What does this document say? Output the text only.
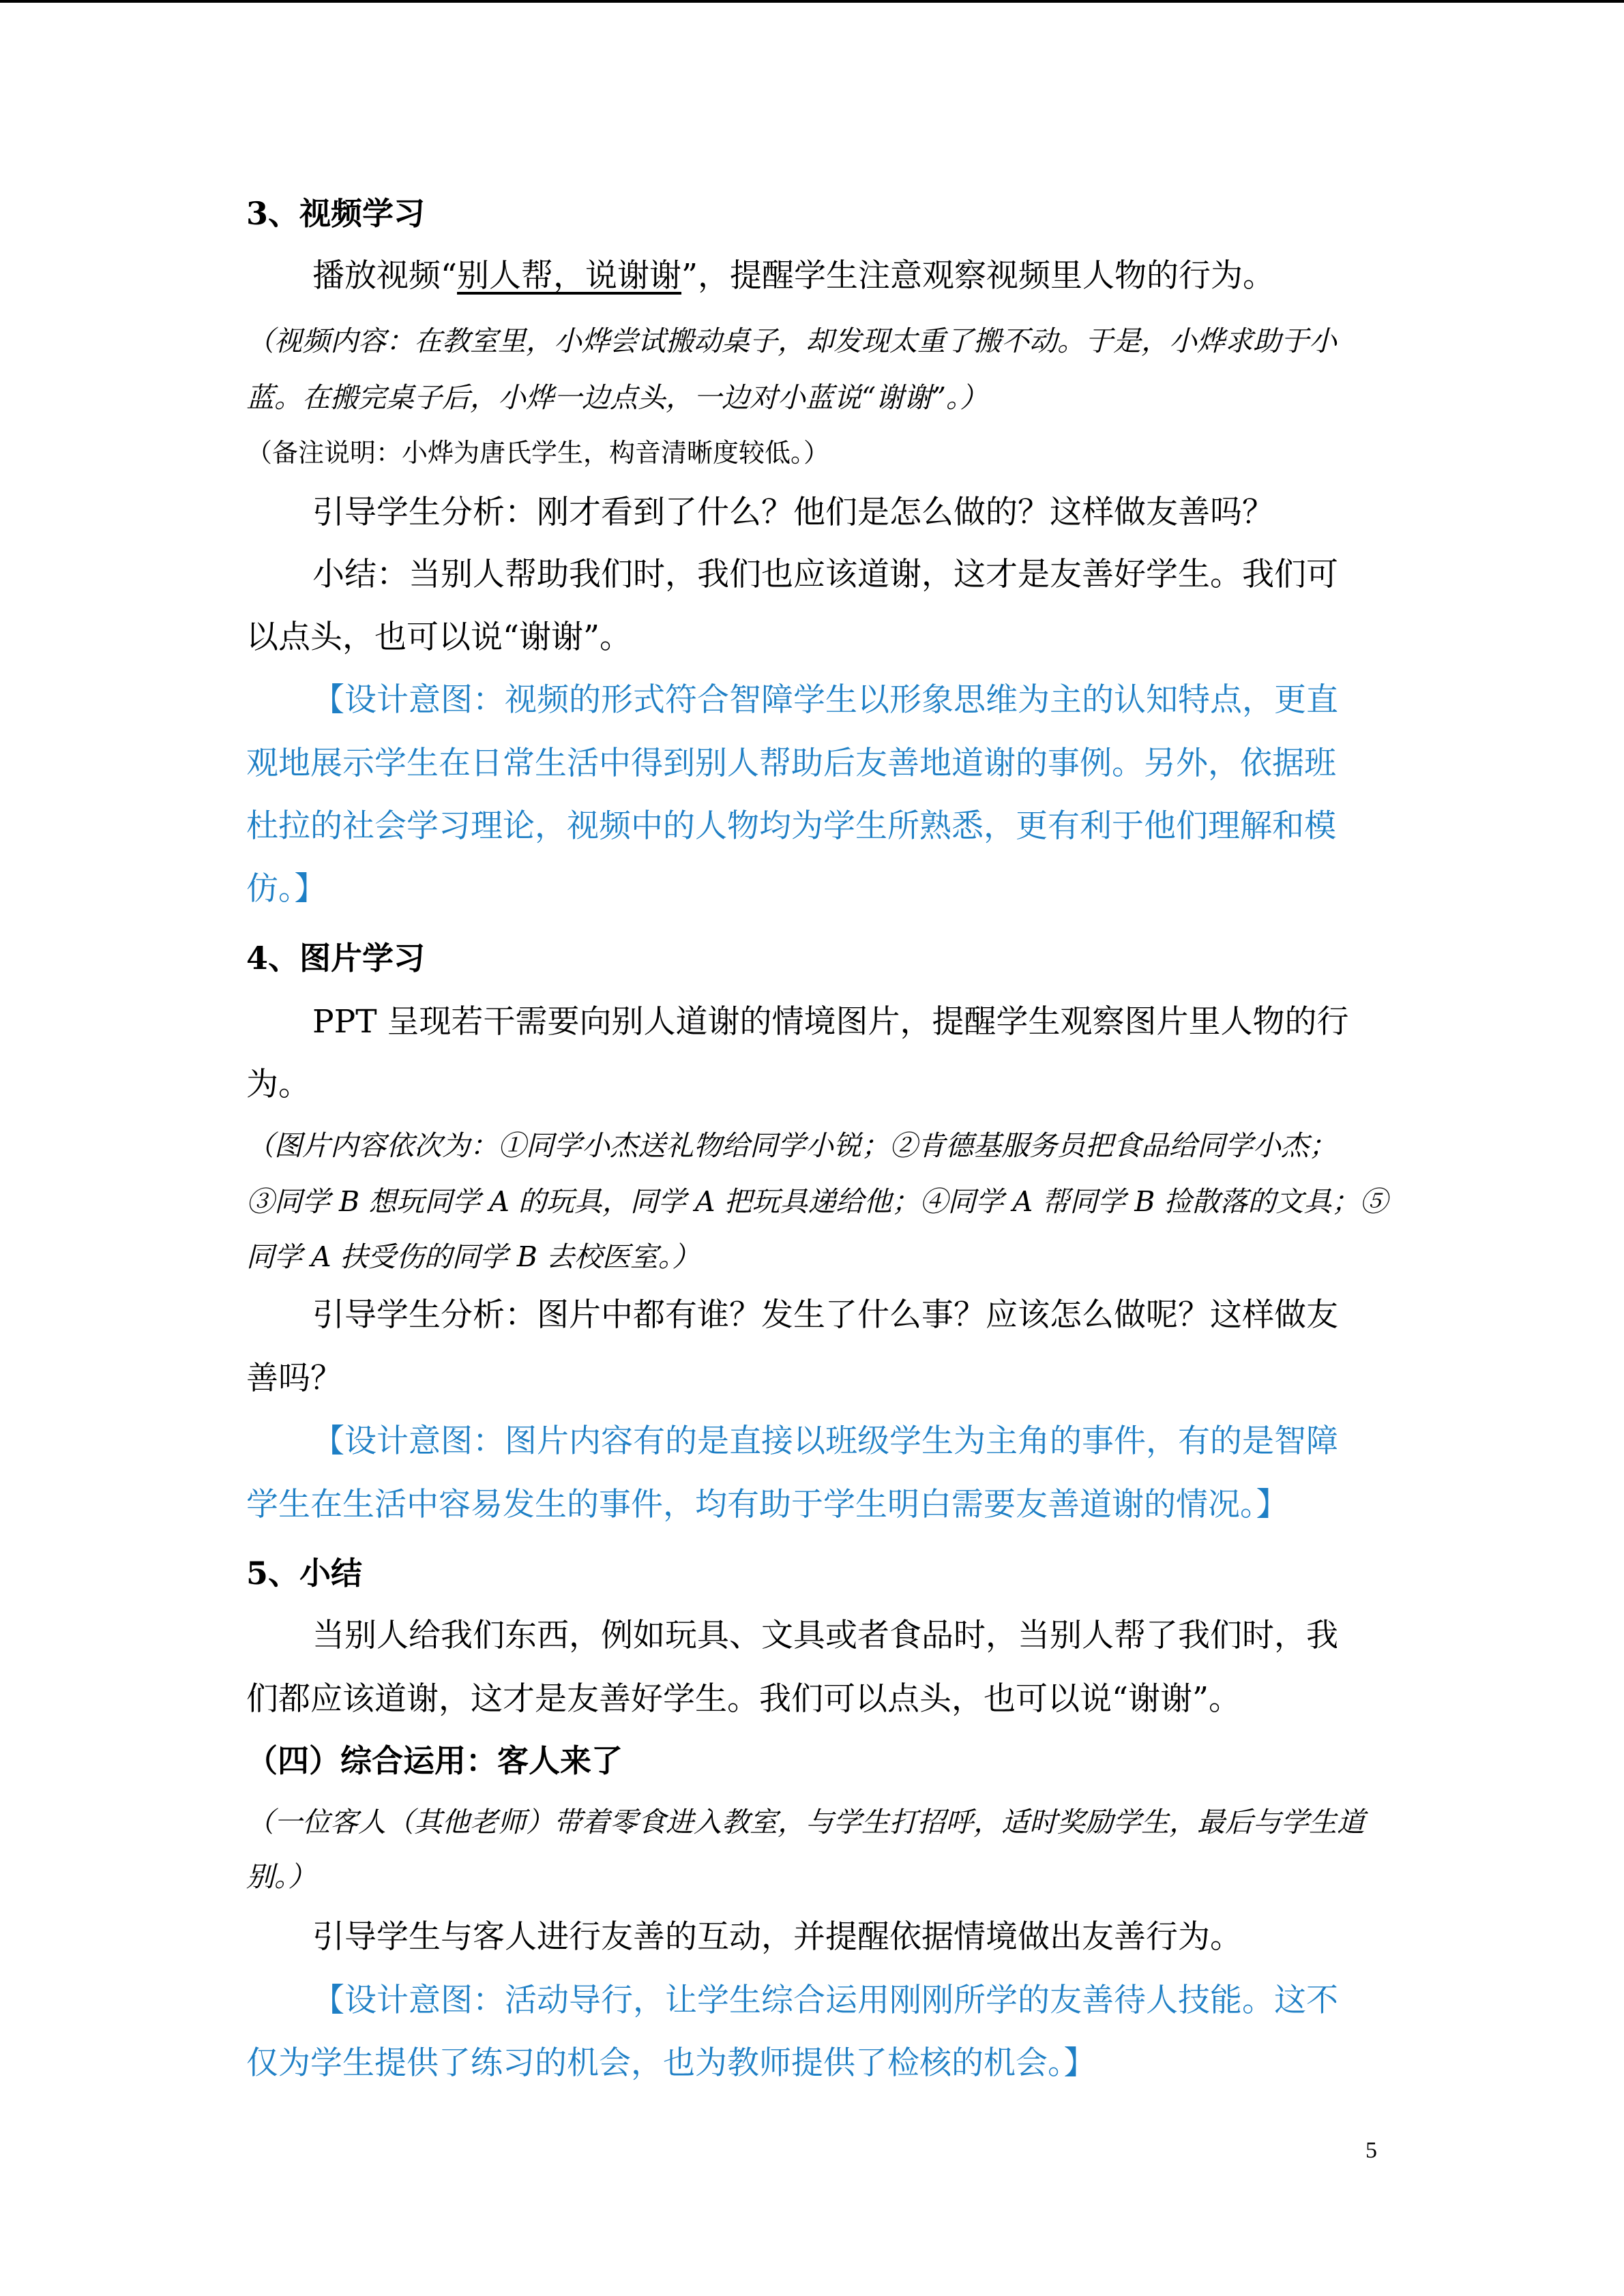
3、视频学习
播放视频“别人帮，说谢谢”，提醒学生注意观察视频里人物的行为。
（视频内容：在教室里，小烨尝试搬动桌子，却发现太重了搬不动。于是，小烨求助于小
蓝。在搬完桌子后，小烨一边点头，一边对小蓝说“谢谢”。）
（备注说明：小烨为唐氏学生，构音清晰度较低。）
引导学生分析：刚才看到了什么？他们是怎么做的？这样做友善吗？
小结：当别人帮助我们时，我们也应该道谢，这才是友善好学生。我们可
以点头，也可以说“谢谢”。
【设计意图：视频的形式符合智障学生以形象思维为主的认知特点，更直
观地展示学生在日常生活中得到别人帮助后友善地道谢的事例。另外，依据班
杜拉的社会学习理论，视频中的人物均为学生所熟悉，更有利于他们理解和模
仿。】
4、图片学习
PPT 呈现若干需要向别人道谢的情境图片，提醒学生观察图片里人物的行
为。
（图片内容依次为：①同学小杰送礼物给同学小锐；②肯德基服务员把食品给同学小杰；
③同学 B 想玩同学 A 的玩具，同学 A 把玩具递给他；④同学 A 帮同学 B 捡散落的文具；⑤
同学 A 扶受伤的同学 B 去校医室。）
引导学生分析：图片中都有谁？发生了什么事？应该怎么做呢？这样做友
善吗？
【设计意图：图片内容有的是直接以班级学生为主角的事件，有的是智障
学生在生活中容易发生的事件，均有助于学生明白需要友善道谢的情况。】
5、小结
当别人给我们东西，例如玩具、文具或者食品时，当别人帮了我们时，我
们都应该道谢，这才是友善好学生。我们可以点头，也可以说“谢谢”。
（四）综合运用：客人来了
（一位客人（其他老师）带着零食进入教室，与学生打招呼，适时奖励学生，最后与学生道
别。）
引导学生与客人进行友善的互动，并提醒依据情境做出友善行为。
【设计意图：活动导行，让学生综合运用刚刚所学的友善待人技能。这不
仅为学生提供了练习的机会，也为教师提供了检核的机会。】
5
